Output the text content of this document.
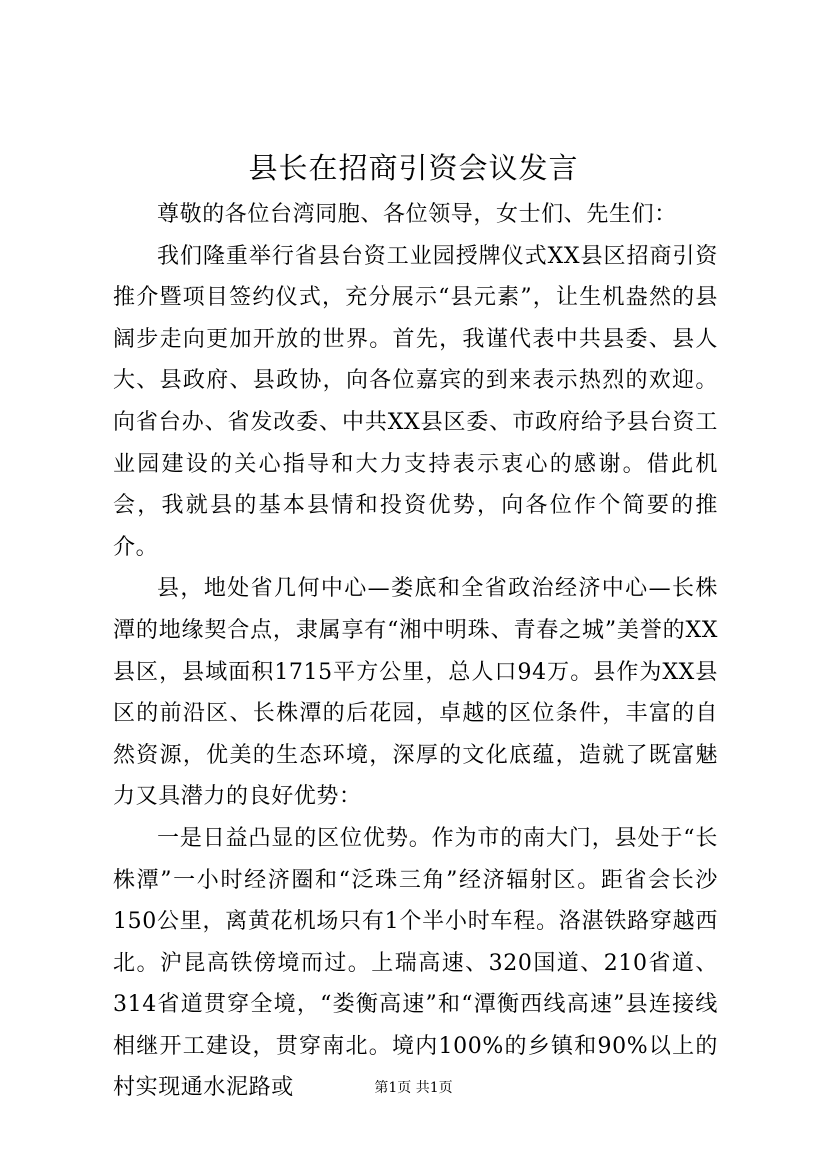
县长在招商引资会议发言

尊敬的各位台湾同胞、各位领导，女士们、先生们：

我们隆重举行省县台资工业园授牌仪式XX县区招商引资推介暨项目签约仪式，充分展示“县元素”，让生机盎然的县阔步走向更加开放的世界。首先，我谨代表中共县委、县人大、县政府、县政协，向各位嘉宾的到来表示热烈的欢迎。向省台办、省发改委、中共XX县区委、市政府给予县台资工业园建设的关心指导和大力支持表示衷心的感谢。借此机会，我就县的基本县情和投资优势，向各位作个简要的推介。

县，地处省几何中心—娄底和全省政治经济中心—长株潭的地缘契合点，隶属享有“湘中明珠、青春之城”美誉的XX县区，县域面积1715平方公里，总人口94万。县作为XX县区的前沿区、长株潭的后花园，卓越的区位条件，丰富的自然资源，优美的生态环境，深厚的文化底蕴，造就了既富魅力又具潜力的良好优势：

一是日益凸显的区位优势。作为市的南大门，县处于“长株潭”一小时经济圈和“泛珠三角”经济辐射区。距省会长沙150公里，离黄花机场只有1个半小时车程。洛湛铁路穿越西北。沪昆高铁傍境而过。上瑞高速、320国道、210省道、314省道贯穿全境，“娄衡高速”和“潭衡西线高速”县连接线相继开工建设，贯穿南北。境内100%的乡镇和90%以上的村实现通水泥路或	第1页 共1页
